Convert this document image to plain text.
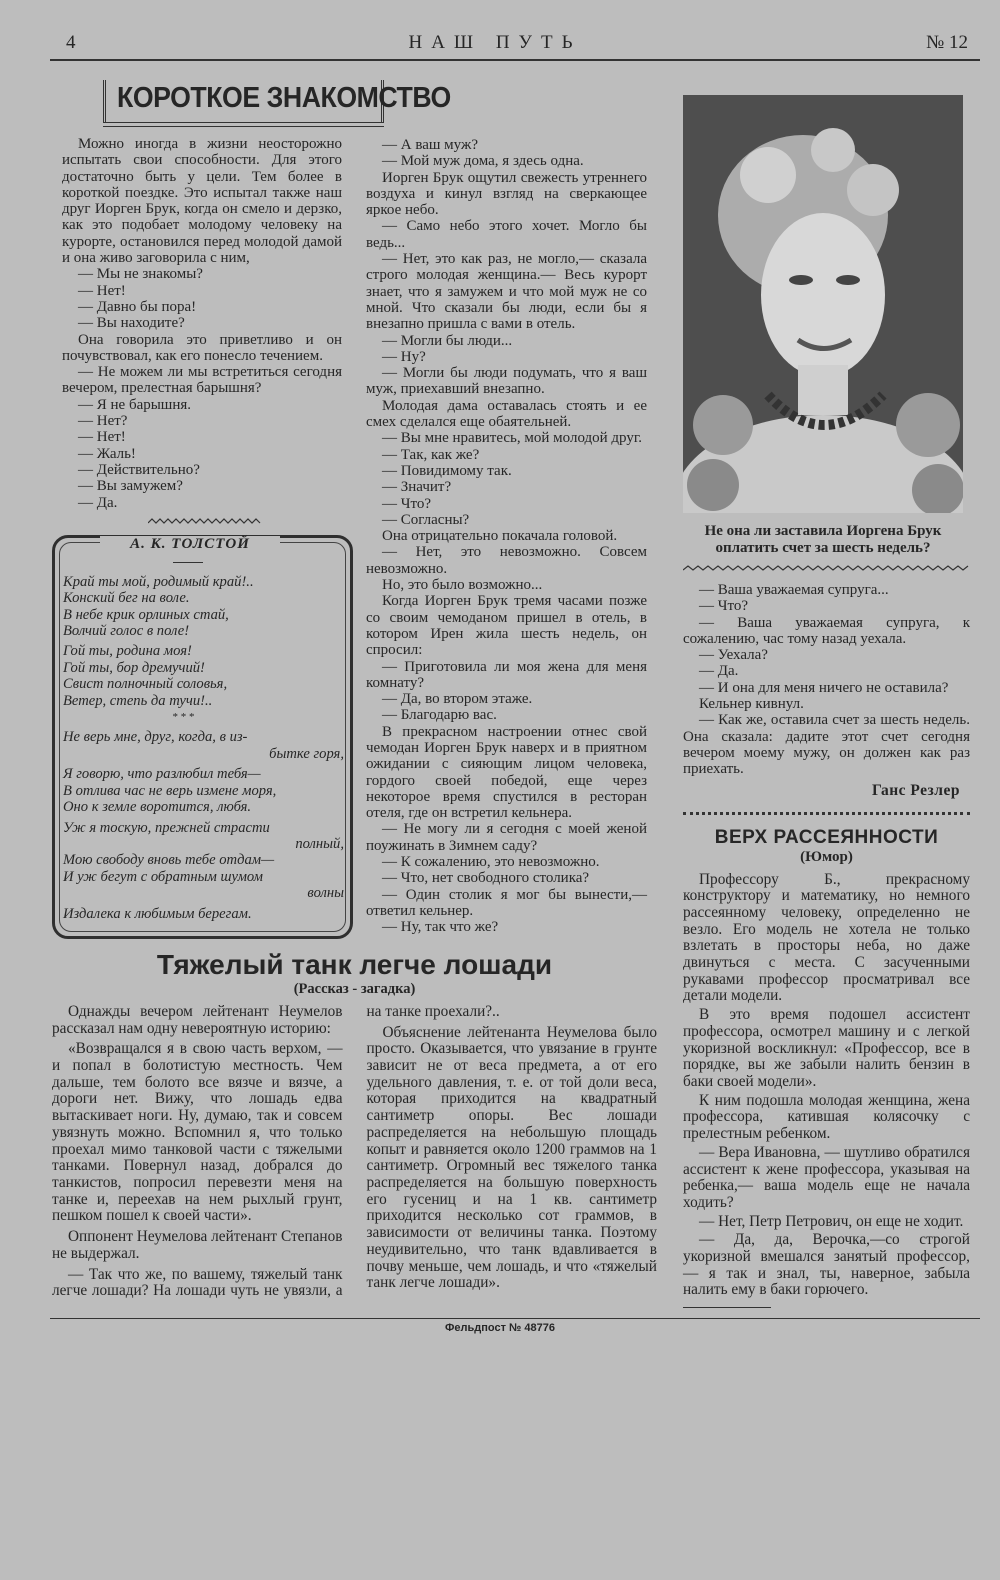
4	НАШ ПУТЬ	№ 12
КОРОТКОЕ ЗНАКОМСТВО

Можно иногда в жизни неосторожно испытать свои способности. Для этого достаточно быть у цели. Тем более в короткой поездке. Это испытал также наш друг Иорген Брук, когда он смело и дерзко, как это подобает молодому человеку на курорте, остановился перед молодой дамой и она живо заговорила с ним,

— Мы не знакомы?

— Нет!

— Давно бы пора!

— Вы находите?

Она говорила это приветливо и он почувствовал, как его понесло течением.

— Не можем ли мы встретиться сегодня вечером, прелестная барышня?

— Я не барышня.

— Нет?

— Нет!

— Жаль!

— Действительно?

— Вы замужем?

— Да.

А. К. ТОЛСТОЙ
Край ты мой, родимый край!..
Конский бег на воле.
В небе крик орлиных стай,
Волчий голос в поле!
Гой ты, родина моя!
Гой ты, бор дремучий!
Свист полночный соловья,
Ветер, степь да тучи!..
* * *
Не верь мне, друг, когда, в из-
бытке горя,
Я говорю, что разлюбил тебя—
В отлива час не верь измене моря,
Оно к земле воротится, любя.
Уж я тоскую, прежней страсти
полный,
Мою свободу вновь тебе отдам—
И уж бегут с обратным шумом
волны
Издалека к любимым берегам.

— А ваш муж?

— Мой муж дома, я здесь одна.

Иорген Брук ощутил свежесть утреннего воздуха и кинул взгляд на сверкающее яркое небо.

— Само небо этого хочет. Могло бы ведь...

— Нет, это как раз, не могло,— сказала строго молодая женщина.— Весь курорт знает, что я замужем и что мой муж не со мной. Что сказали бы люди, если бы я внезапно пришла с вами в отель.

— Могли бы люди...

— Ну?

— Могли бы люди подумать, что я ваш муж, приехавший внезапно.

Молодая дама оставалась стоять и ее смех сделался еще обаятельней.

— Вы мне нравитесь, мой молодой друг.

— Так, как же?

— Повидимому так.

— Значит?

— Что?

— Согласны?

Она отрицательно покачала головой.

— Нет, это невозможно. Совсем невозможно.

Но, это было возможно...

Когда Иорген Брук тремя часами позже со своим чемоданом пришел в отель, в котором Ирен жила шесть недель, он спросил:

— Приготовила ли моя жена для меня комнату?

— Да, во втором этаже.

— Благодарю вас.

В прекрасном настроении отнес свой чемодан Иорген Брук наверх и в приятном ожидании с сияющим лицом человека, гордого своей победой, еще через некоторое время спустился в ресторан отеля, где он встретил кельнера.

— Не могу ли я сегодня с моей женой поужинать в Зимнем саду?

— К сожалению, это невозможно.

— Что, нет свободного столика?

— Один столик я мог бы вынести,—ответил кельнер.

— Ну, так что же?

Тяжелый танк легче лошади
(Рассказ - загадка)

Однажды вечером лейтенант Неумелов рассказал нам одну невероятную историю:

«Возвращался я в свою часть верхом, — и попал в болотистую местность. Чем дальше, тем болото все вязче и вязче, а дороги нет. Вижу, что лошадь едва вытаскивает ноги. Ну, думаю, так и совсем увязнуть можно. Вспомнил я, что только проехал мимо танковой части с тяжелыми танками. Повернул назад, добрался до танкистов, попросил перевезти меня на танке и, переехав на нем рыхлый грунт, пешком пошел к своей части».

Оппонент Неумелова лейтенант Степанов не выдержал.

— Так что же, по вашему, тяжелый танк легче лошади? На лошади чуть не увязли, а на танке проехали?..

Объяснение лейтенанта Неумелова было просто. Оказывается, что увязание в грунте зависит не от веса предмета, а от его удельного давления, т. е. от той доли веса, которая приходится на квадратный сантиметр опоры. Вес лошади распределяется на небольшую площадь копыт и равняется около 1200 граммов на 1 сантиметр. Огромный вес тяжелого танка распределяется на большую поверхность его гусениц и на 1 кв. сантиметр приходится несколько сот граммов, в зависимости от величины танка. Поэтому неудивительно, что танк вдавливается в почву меньше, чем лошадь, и что «тяжелый танк легче лошади».

Не она ли заставила Иоргена Брук оплатить счет за шесть недель?

— Ваша уважаемая супруга...

— Что?

— Ваша уважаемая супруга, к сожалению, час тому назад уехала.

— Уехала?

— Да.

— И она для меня ничего не оставила?

Кельнер кивнул.

— Как же, оставила счет за шесть недель. Она сказала: дадите этот счет сегодня вечером моему мужу, он должен как раз приехать.

Ганс Резлер
ВЕРХ РАССЕЯННОСТИ
(Юмор)

Профессору Б., прекрасному конструктору и математику, но немного рассеянному человеку, определенно не везло. Его модель не хотела не только взлетать в просторы неба, но даже двинуться с места. С засученными рукавами профессор просматривал все детали модели.

В это время подошел ассистент профессора, осмотрел машину и с легкой укоризной воскликнул: «Профессор, все в порядке, вы же забыли налить бензин в баки своей модели».

К ним подошла молодая женщина, жена профессора, катившая колясочку с прелестным ребенком.

— Вера Ивановна, — шутливо обратился ассистент к жене профессора, указывая на ребенка,— ваша модель еще не начала ходить?

— Нет, Петр Петрович, он еще не ходит.

— Да, да, Верочка,—со строгой укоризной вмешался занятый профессор, — я так и знал, ты, наверное, забыла налить ему в баки горючего.

Фельдпост № 48776
